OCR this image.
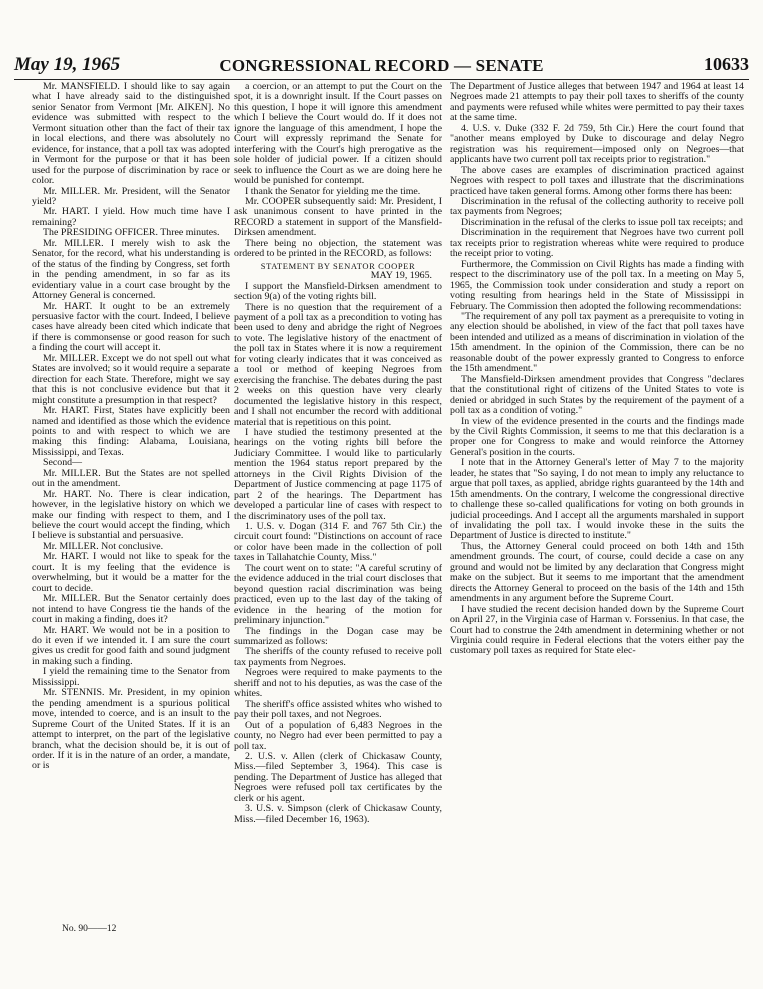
May 19, 1965	CONGRESSIONAL RECORD — SENATE	10633

Mr. MANSFIELD. I should like to say again what I have already said to the distinguished senior Senator from Vermont [Mr. AIKEN]. No evidence was submitted with respect to the Vermont situation other than the fact of their tax in local elections, and there was absolutely no evidence, for instance, that a poll tax was adopted in Vermont for the purpose or that it has been used for the purpose of discrimination by race or color.

Mr. MILLER. Mr. President, will the Senator yield?

Mr. HART. I yield. How much time have I remaining?

The PRESIDING OFFICER. Three minutes.

Mr. MILLER. I merely wish to ask the Senator, for the record, what his understanding is of the status of the finding by Congress, set forth in the pending amendment, in so far as its evidentiary value in a court case brought by the Attorney General is concerned.

Mr. HART. It ought to be an extremely persuasive factor with the court. Indeed, I believe cases have already been cited which indicate that if there is commonsense or good reason for such a finding the court will accept it.

Mr. MILLER. Except we do not spell out what States are involved; so it would require a separate direction for each State. Therefore, might we say that this is not conclusive evidence but that it might constitute a presumption in that respect?

Mr. HART. First, States have explicitly been named and identified as those which the evidence points to and with respect to which we are making this finding: Alabama, Louisiana, Mississippi, and Texas.

Second—

Mr. MILLER. But the States are not spelled out in the amendment.

Mr. HART. No. There is clear indication, however, in the legislative history on which we make our finding with respect to them, and I believe the court would accept the finding, which I believe is substantial and persuasive.

Mr. MILLER. Not conclusive.

Mr. HART. I would not like to speak for the court. It is my feeling that the evidence is overwhelming, but it would be a matter for the court to decide.

Mr. MILLER. But the Senator certainly does not intend to have Congress tie the hands of the court in making a finding, does it?

Mr. HART. We would not be in a position to do it even if we intended it. I am sure the court gives us credit for good faith and sound judgment in making such a finding.

I yield the remaining time to the Senator from Mississippi.

Mr. STENNIS. Mr. President, in my opinion the pending amendment is a spurious political move, intended to coerce, and is an insult to the Supreme Court of the United States. If it is an attempt to interpret, on the part of the legislative branch, what the decision should be, it is out of order. If it is in the nature of an order, a mandate, or is

a coercion, or an attempt to put the Court on the spot, it is a downright insult. If the Court passes on this question, I hope it will ignore this amendment which I believe the Court would do. If it does not ignore the language of this amendment, I hope the Court will expressly reprimand the Senate for interfering with the Court's high prerogative as the sole holder of judicial power. If a citizen should seek to influence the Court as we are doing here he would be punished for contempt.

I thank the Senator for yielding me the time.

Mr. COOPER subsequently said: Mr. President, I ask unanimous consent to have printed in the RECORD a statement in support of the Mansfield-Dirksen amendment.

There being no objection, the statement was ordered to be printed in the RECORD, as follows:

STATEMENT BY SENATOR COOPER

MAY 19, 1965.

I support the Mansfield-Dirksen amendment to section 9(a) of the voting rights bill.

There is no question that the requirement of a payment of a poll tax as a precondition to voting has been used to deny and abridge the right of Negroes to vote. The legislative history of the enactment of the poll tax in States where it is now a requirement for voting clearly indicates that it was conceived as a tool or method of keeping Negroes from exercising the franchise. The debates during the past 2 weeks on this question have very clearly documented the legislative history in this respect, and I shall not encumber the record with additional material that is repetitious on this point.

I have studied the testimony presented at the hearings on the voting rights bill before the Judiciary Committee. I would like to particularly mention the 1964 status report prepared by the attorneys in the Civil Rights Division of the Department of Justice commencing at page 1175 of part 2 of the hearings. The Department has developed a particular line of cases with respect to the discriminatory uses of the poll tax.

1. U.S. v. Dogan (314 F. and 767 5th Cir.) the circuit court found: "Distinctions on account of race or color have been made in the collection of poll taxes in Tallahatchie County, Miss."

The court went on to state: "A careful scrutiny of the evidence adduced in the trial court discloses that beyond question racial discrimination was being practiced, even up to the last day of the taking of evidence in the hearing of the motion for preliminary injunction."

The findings in the Dogan case may be summarized as follows:

The sheriffs of the county refused to receive poll tax payments from Negroes.

Negroes were required to make payments to the sheriff and not to his deputies, as was the case of the whites.

The sheriff's office assisted whites who wished to pay their poll taxes, and not Negroes.

Out of a population of 6,483 Negroes in the county, no Negro had ever been permitted to pay a poll tax.

2. U.S. v. Allen (clerk of Chickasaw County, Miss.—filed September 3, 1964). This case is pending. The Department of Justice has alleged that Negroes were refused poll tax certificates by the clerk or his agent.

3. U.S. v. Simpson (clerk of Chickasaw County, Miss.—filed December 16, 1963).

The Department of Justice alleges that between 1947 and 1964 at least 14 Negroes made 21 attempts to pay their poll taxes to sheriffs of the county and payments were refused while whites were permitted to pay their taxes at the same time.

4. U.S. v. Duke (332 F. 2d 759, 5th Cir.) Here the court found that "another means employed by Duke to discourage and delay Negro registration was his requirement—imposed only on Negroes—that applicants have two current poll tax receipts prior to registration."

The above cases are examples of discrimination practiced against Negroes with respect to poll taxes and illustrate that the discriminations practiced have taken general forms. Among other forms there has been:

Discrimination in the refusal of the collecting authority to receive poll tax payments from Negroes;

Discrimination in the refusal of the clerks to issue poll tax receipts; and

Discrimination in the requirement that Negroes have two current poll tax receipts prior to registration whereas white were required to produce the receipt prior to voting.

Furthermore, the Commission on Civil Rights has made a finding with respect to the discriminatory use of the poll tax. In a meeting on May 5, 1965, the Commission took under consideration and study a report on voting resulting from hearings held in the State of Mississippi in February. The Commission then adopted the following recommendations:

"The requirement of any poll tax payment as a prerequisite to voting in any election should be abolished, in view of the fact that poll taxes have been intended and utilized as a means of discrimination in violation of the 15th amendment. In the opinion of the Commission, there can be no reasonable doubt of the power expressly granted to Congress to enforce the 15th amendment."

The Mansfield-Dirksen amendment provides that Congress "declares that the constitutional right of citizens of the United States to vote is denied or abridged in such States by the requirement of the payment of a poll tax as a condition of voting."

In view of the evidence presented in the courts and the findings made by the Civil Rights Commission, it seems to me that this declaration is a proper one for Congress to make and would reinforce the Attorney General's position in the courts.

I note that in the Attorney General's letter of May 7 to the majority leader, he states that "So saying, I do not mean to imply any reluctance to argue that poll taxes, as applied, abridge rights guaranteed by the 14th and 15th amendments. On the contrary, I welcome the congressional directive to challenge these so-called qualifications for voting on both grounds in judicial proceedings. And I accept all the arguments marshaled in support of invalidating the poll tax. I would invoke these in the suits the Department of Justice is directed to institute."

Thus, the Attorney General could proceed on both 14th and 15th amendment grounds. The court, of course, could decide a case on any ground and would not be limited by any declaration that Congress might make on the subject. But it seems to me important that the amendment directs the Attorney General to proceed on the basis of the 14th and 15th amendments in any argument before the Supreme Court.

I have studied the recent decision handed down by the Supreme Court on April 27, in the Virginia case of Harman v. Forssenius. In that case, the Court had to construe the 24th amendment in determining whether or not Virginia could require in Federal elections that the voters either pay the customary poll taxes as required for State elec-

No. 90——12
